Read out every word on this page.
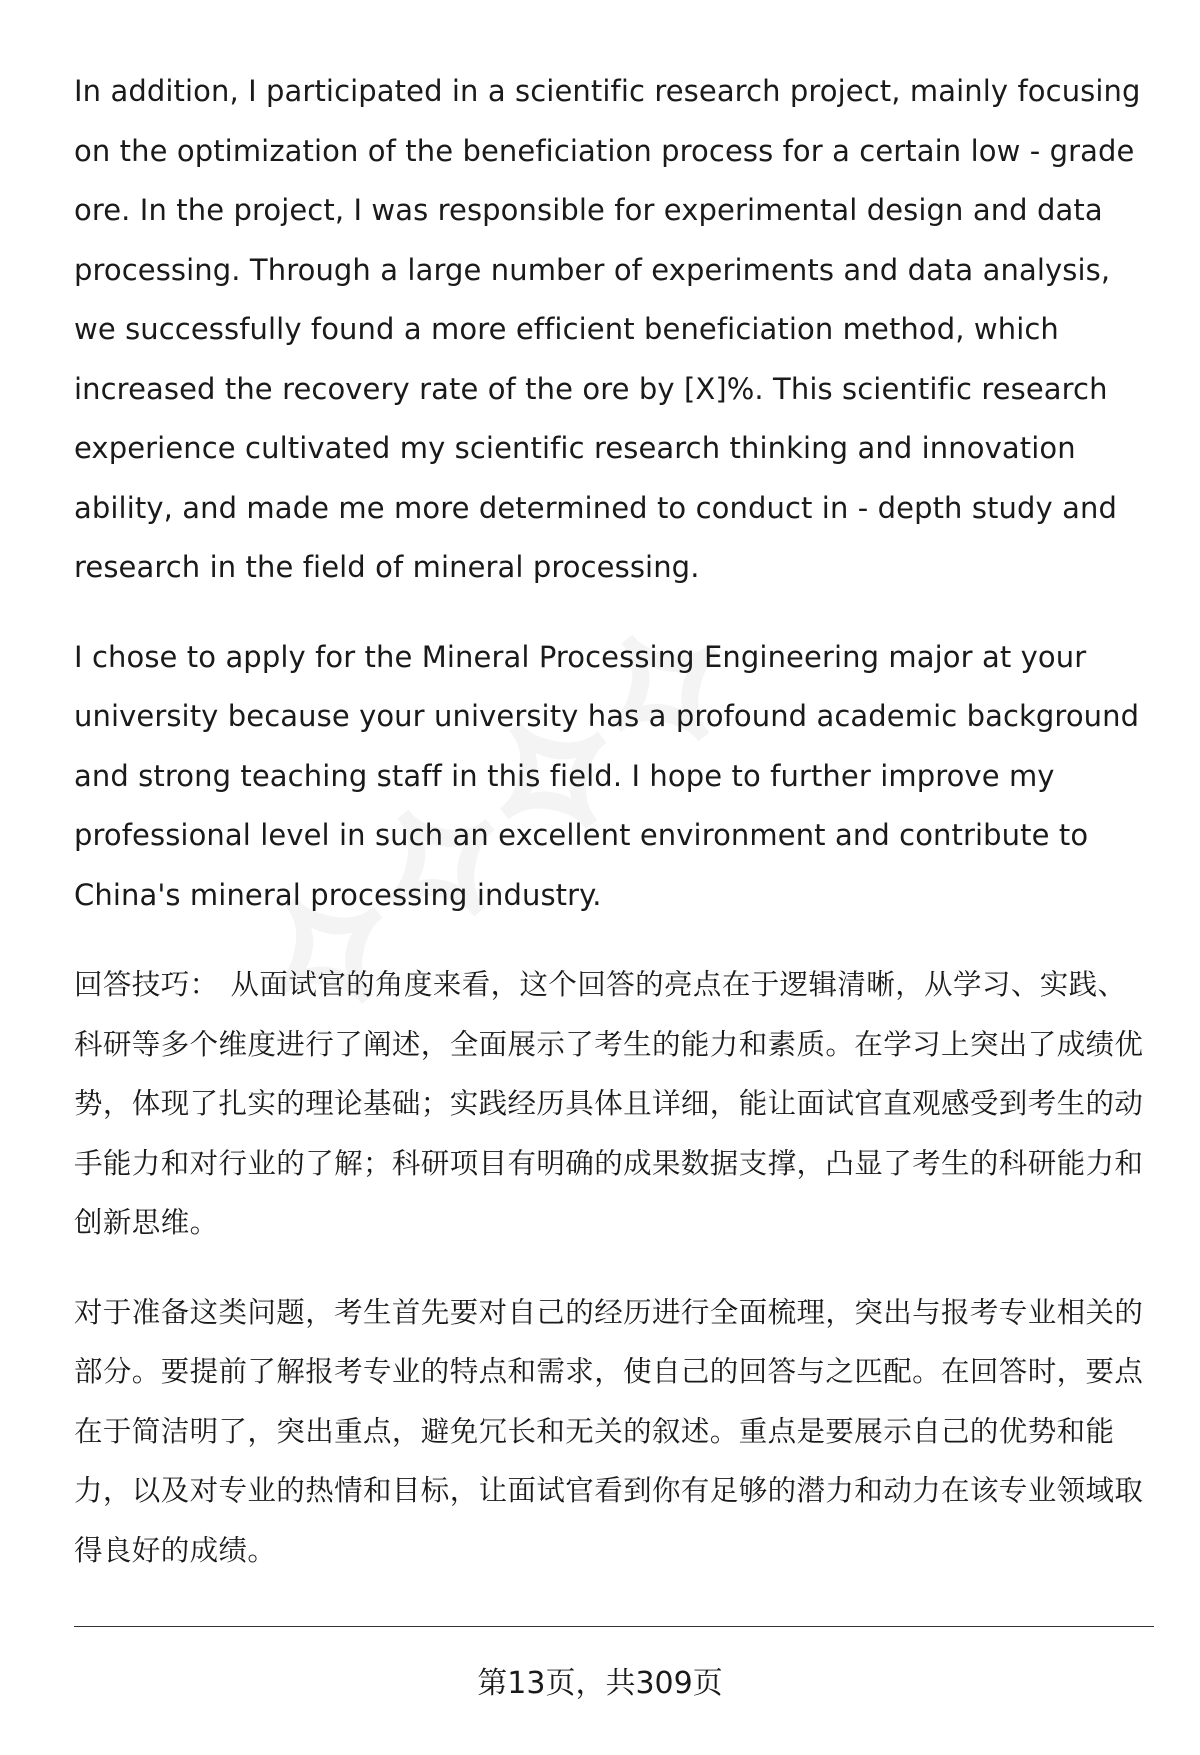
In addition, I participated in a scientific research project, mainly focusing on the optimization of the beneficiation process for a certain low - grade ore. In the project, I was responsible for experimental design and data processing. Through a large number of experiments and data analysis, we successfully found a more efficient beneficiation method, which increased the recovery rate of the ore by [X]%. This scientific research experience cultivated my scientific research thinking and innovation ability, and made me more determined to conduct in - depth study and research in the field of mineral processing.

I chose to apply for the Mineral Processing Engineering major at your university because your university has a profound academic background and strong teaching staff in this field. I hope to further improve my professional level in such an excellent environment and contribute to China's mineral processing industry.

回答技巧： 从面试官的角度来看，这个回答的亮点在于逻辑清晰，从学习、实践、科研等多个维度进行了阐述，全面展示了考生的能力和素质。在学习上突出了成绩优势，体现了扎实的理论基础；实践经历具体且详细，能让面试官直观感受到考生的动手能力和对行业的了解；科研项目有明确的成果数据支撑，凸显了考生的科研能力和创新思维。

对于准备这类问题，考生首先要对自己的经历进行全面梳理，突出与报考专业相关的部分。要提前了解报考专业的特点和需求，使自己的回答与之匹配。在回答时，要点在于简洁明了，突出重点，避免冗长和无关的叙述。重点是要展示自己的优势和能力，以及对专业的热情和目标，让面试官看到你有足够的潜力和动力在该专业领域取得良好的成绩。

第13页，共309页
